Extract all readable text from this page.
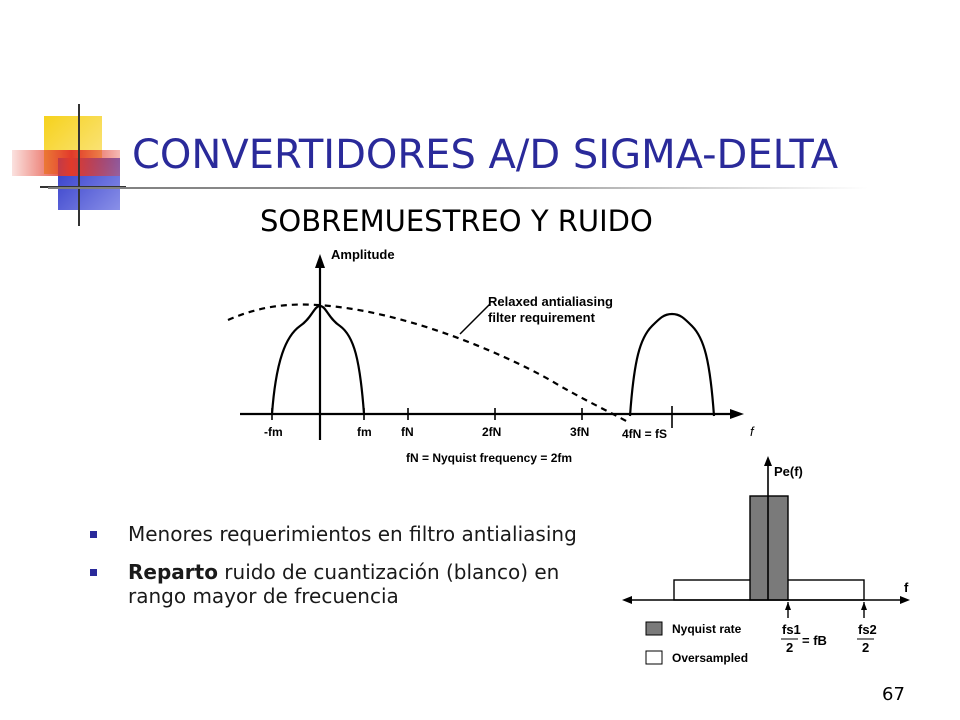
CONVERTIDORES A/D SIGMA-DELTA
SOBREMUESTREO Y RUIDO
Relaxed antialiasing
filter requirement
Amplitude
f
-fm	fm fN	2fN	3fN	4fN = fS
fN = Nyquist frequency = 2fm
Pe(f)
f
fs1
2 = fB
fs2
2
Nyquist rate
Oversampled
Menores requerimientos en filtro antialiasing
Reparto ruido de cuantización (blanco) en rango mayor de frecuencia
67
